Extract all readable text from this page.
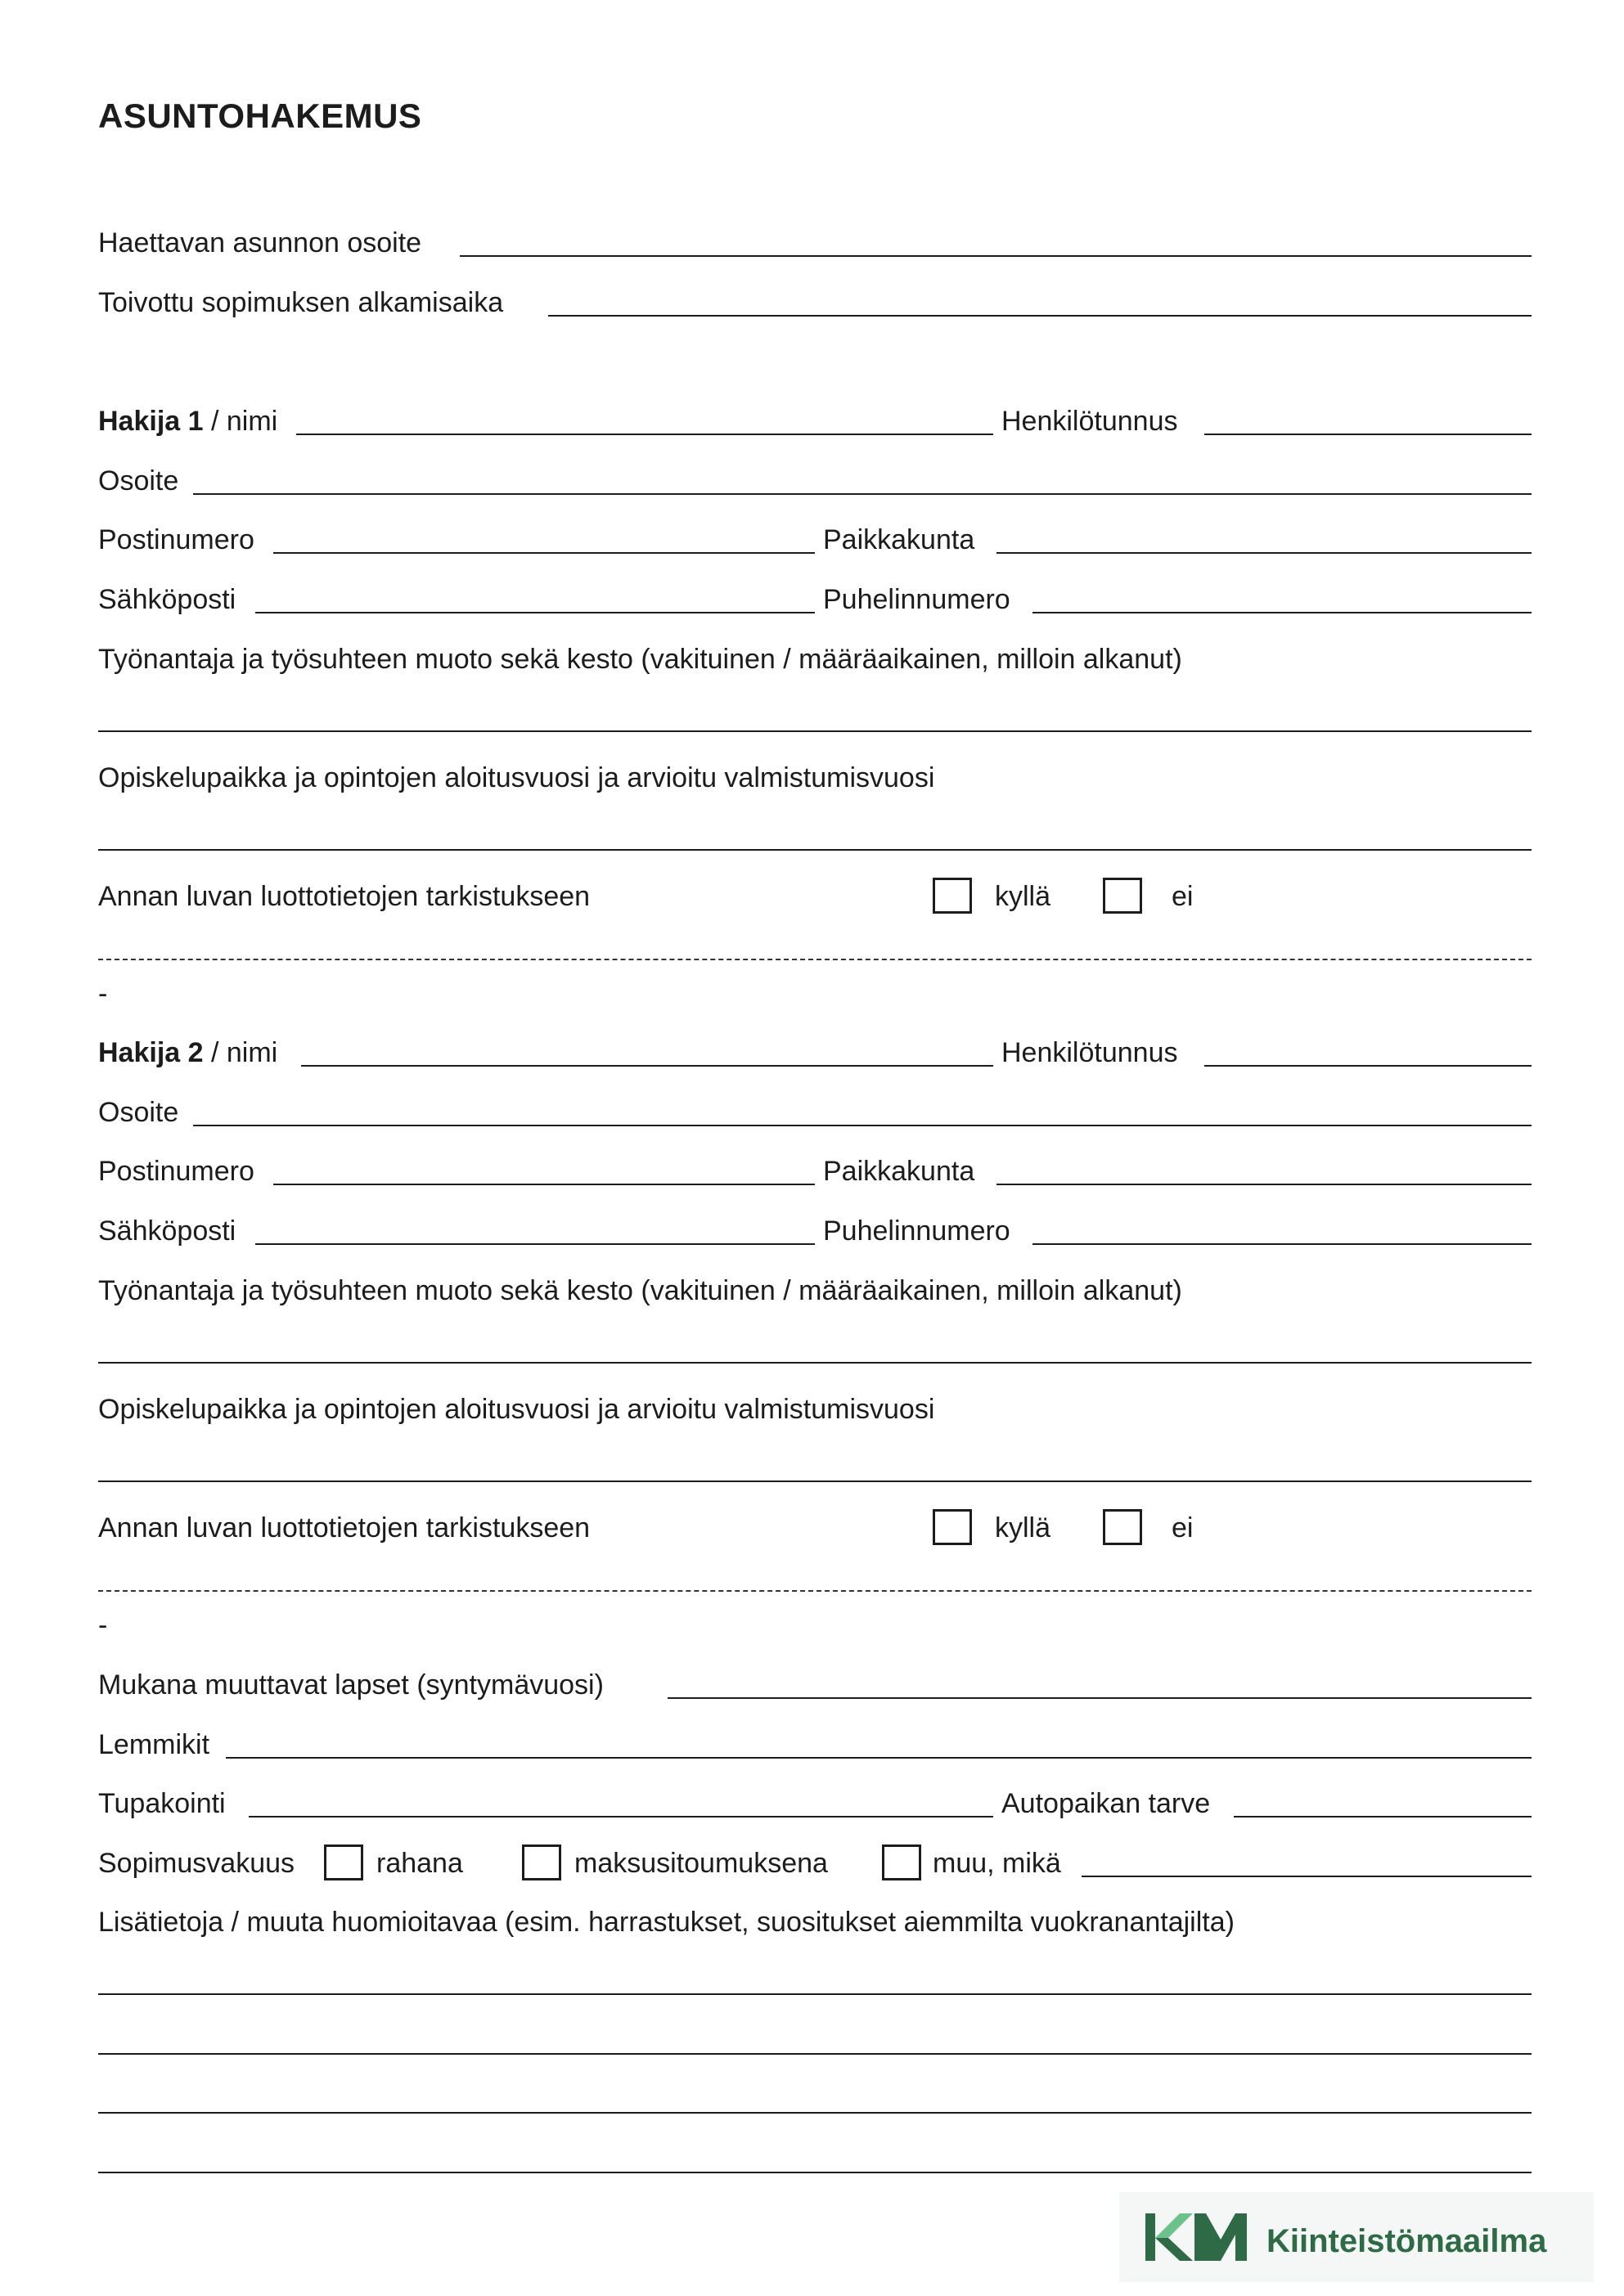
ASUNTOHAKEMUS
Haettavan asunnon osoite
Toivottu sopimuksen alkamisaika
Hakija 1 / nimi	Henkilötunnus
Osoite
Postinumero	Paikkakunta
Sähköposti	Puhelinnumero
Työnantaja ja työsuhteen muoto sekä kesto (vakituinen / määräaikainen, milloin alkanut)
Opiskelupaikka ja opintojen aloitusvuosi ja arvioitu valmistumisvuosi
Annan luvan luottotietojen tarkistukseen	kyllä	ei
-
Hakija 2 / nimi	Henkilötunnus
Osoite
Postinumero	Paikkakunta
Sähköposti	Puhelinnumero
Työnantaja ja työsuhteen muoto sekä kesto (vakituinen / määräaikainen, milloin alkanut)
Opiskelupaikka ja opintojen aloitusvuosi ja arvioitu valmistumisvuosi
Annan luvan luottotietojen tarkistukseen	kyllä	ei
-
Mukana muuttavat lapset (syntymävuosi)
Lemmikit
Tupakointi	Autopaikan tarve
Sopimusvakuus	rahana	maksusitoumuksena	muu, mikä
Lisätietoja / muuta huomioitavaa (esim. harrastukset, suositukset aiemmilta vuokranantajilta)
Kiinteistömaailma
